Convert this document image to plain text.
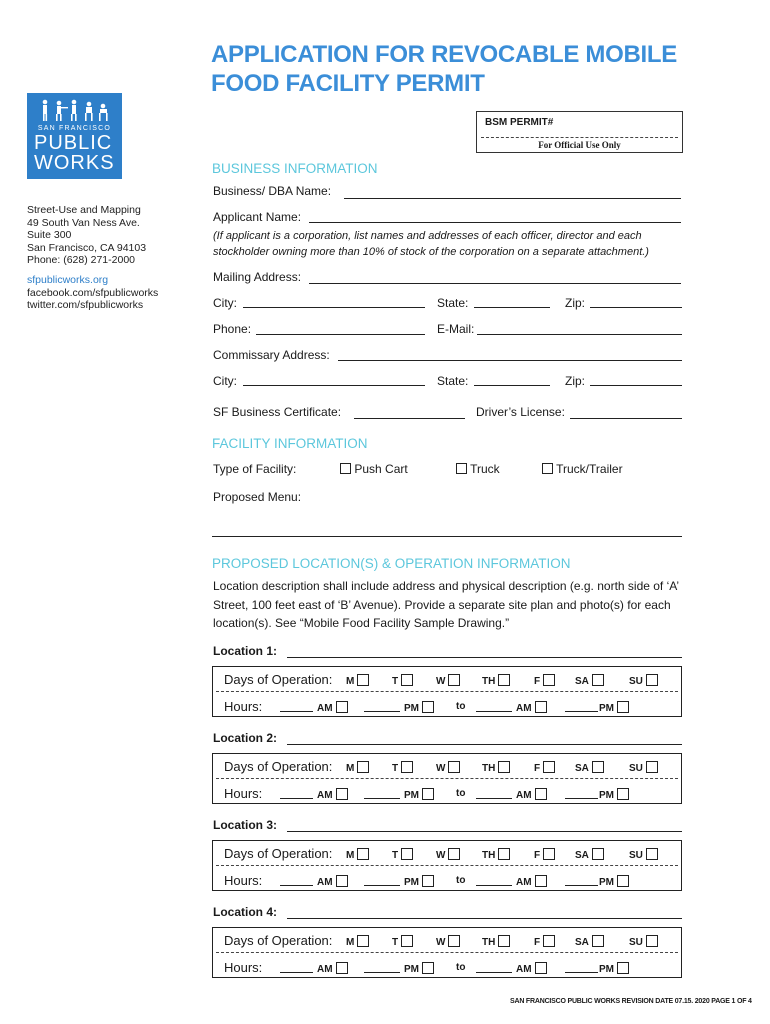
APPLICATION FOR REVOCABLE MOBILE
FOOD FACILITY PERMIT
SAN FRANCISCO
PUBLIC
WORKS
Street-Use and Mapping
49 South Van Ness Ave.
Suite 300
San Francisco, CA 94103
Phone: (628) 271-2000
sfpublicworks.org
facebook.com/sfpublicworks
twitter.com/sfpublicworks
BSM PERMIT#
For Official Use Only
BUSINESS INFORMATION
Business/ DBA Name:
Applicant Name:
(If applicant is a corporation, list names and addresses of each officer, director and each stockholder owning more than 10% of stock of the corporation on a separate attachment.)
Mailing Address:
City:	State:	Zip:
Phone:	E-Mail:
Commissary Address:
City:	State:	Zip:
SF Business Certificate:	Driver’s License:
FACILITY INFORMATION
Type of Facility:	Push Cart	Truck	Truck/Trailer
Proposed Menu:
PROPOSED LOCATION(S) & OPERATION INFORMATION
Location description shall include address and physical description (e.g. north side of ‘A’ Street, 100 feet east of ‘B’ Avenue). Provide a separate site plan and photo(s) for each location(s). See “Mobile Food Facility Sample Drawing.”
Location 1:
Days of Operation: M	T	W	TH	F	SA	SU
Hours:	AM	PM	to	AM	PM
Location 2:
Days of Operation: M	T	W	TH	F	SA	SU
Hours:	AM	PM	to	AM	PM
Location 3:
Days of Operation: M	T	W	TH	F	SA	SU
Hours:	AM	PM	to	AM	PM
Location 4:
Days of Operation: M	T	W	TH	F	SA	SU
Hours:	AM	PM	to	AM	PM
SAN FRANCISCO PUBLIC WORKS REVISION DATE 07.15. 2020 PAGE 1 OF 4
